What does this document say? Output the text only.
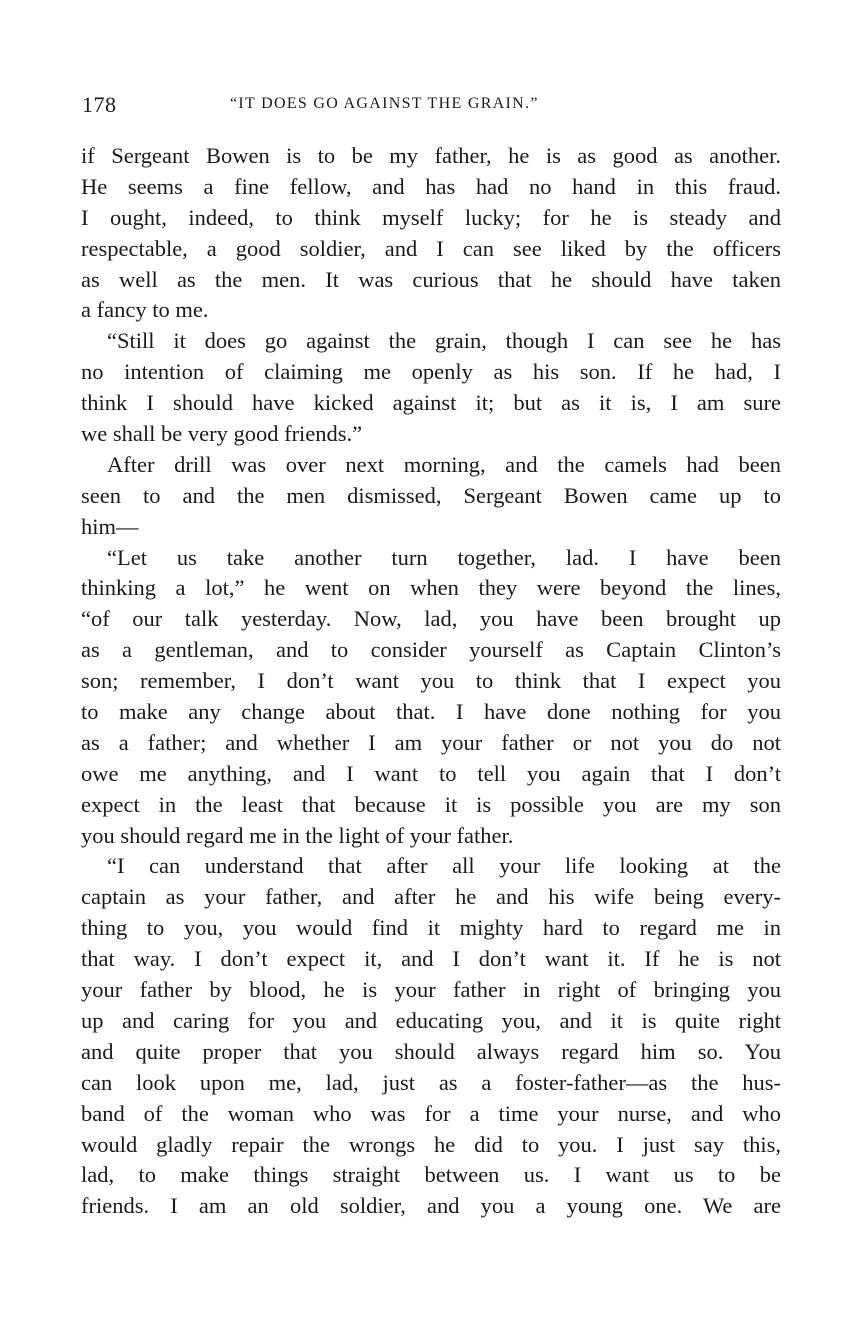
178	“IT DOES GO AGAINST THE GRAIN.”
if Sergeant Bowen is to be my father, he is as good as another.
He seems a fine fellow, and has had no hand in this fraud.
I ought, indeed, to think myself lucky; for he is steady and
respectable, a good soldier, and I can see liked by the officers
as well as the men. It was curious that he should have taken
a fancy to me.
“Still it does go against the grain, though I can see he has
no intention of claiming me openly as his son. If he had, I
think I should have kicked against it; but as it is, I am sure
we shall be very good friends.”
After drill was over next morning, and the camels had been
seen to and the men dismissed, Sergeant Bowen came up to
him—
“Let us take another turn together, lad. I have been
thinking a lot,” he went on when they were beyond the lines,
“of our talk yesterday. Now, lad, you have been brought up
as a gentleman, and to consider yourself as Captain Clinton’s
son; remember, I don’t want you to think that I expect you
to make any change about that. I have done nothing for you
as a father; and whether I am your father or not you do not
owe me anything, and I want to tell you again that I don’t
expect in the least that because it is possible you are my son
you should regard me in the light of your father.
“I can understand that after all your life looking at the
captain as your father, and after he and his wife being every-
thing to you, you would find it mighty hard to regard me in
that way. I don’t expect it, and I don’t want it. If he is not
your father by blood, he is your father in right of bringing you
up and caring for you and educating you, and it is quite right
and quite proper that you should always regard him so. You
can look upon me, lad, just as a foster-father—as the hus-
band of the woman who was for a time your nurse, and who
would gladly repair the wrongs he did to you. I just say this,
lad, to make things straight between us. I want us to be
friends. I am an old soldier, and you a young one. We are
